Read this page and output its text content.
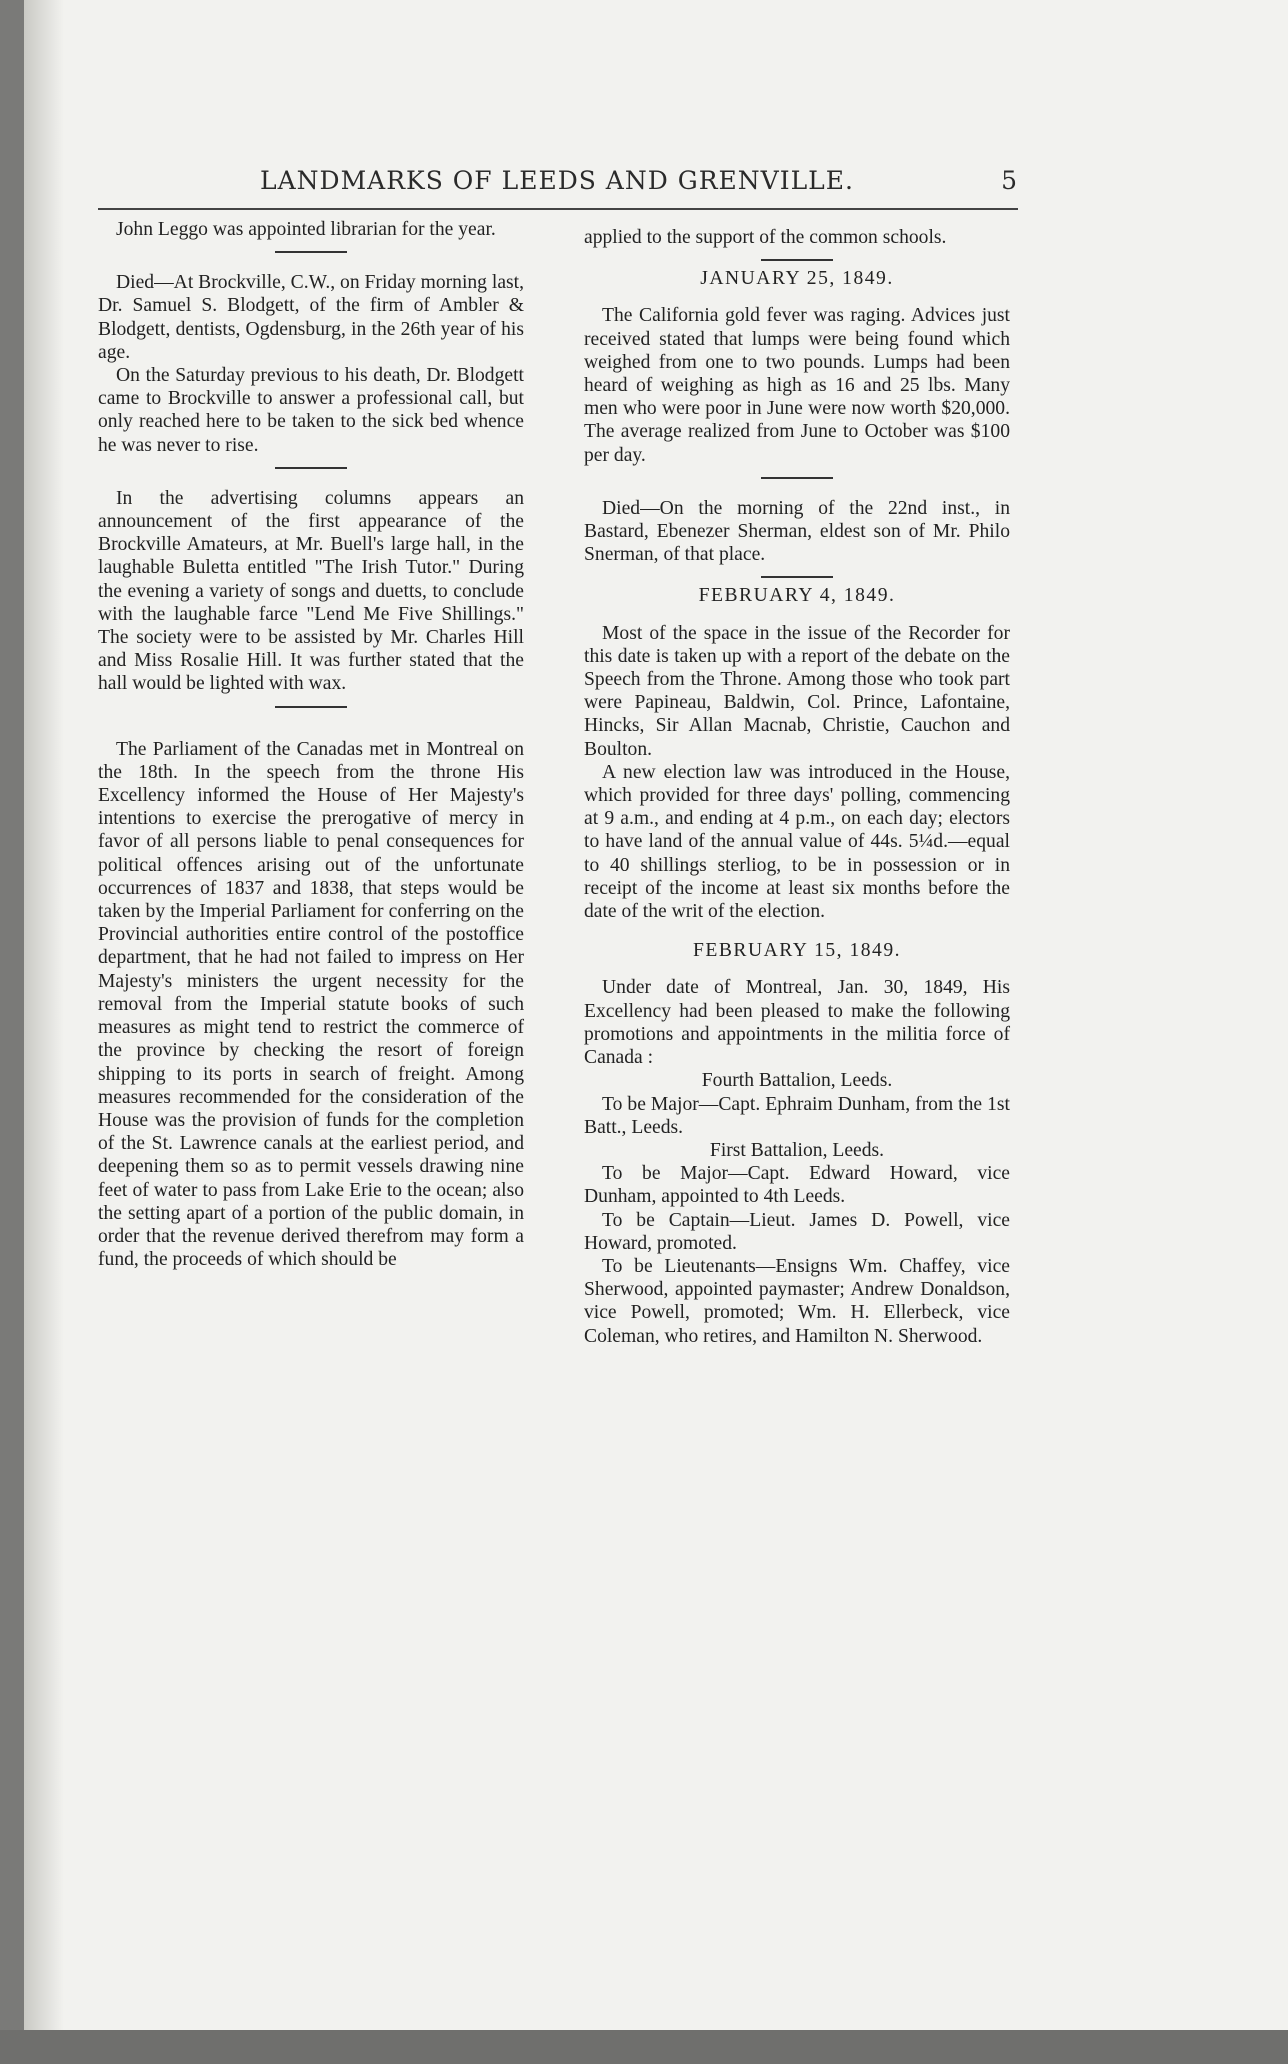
LANDMARKS OF LEEDS AND GRENVILLE.	5

John Leggo was appointed librarian for the year.

Died—At Brockville, C.W., on Friday morning last, Dr. Samuel S. Blodgett, of the firm of Ambler & Blodgett, dentists, Ogdensburg, in the 26th year of his age.

On the Saturday previous to his death, Dr. Blodgett came to Brockville to answer a professional call, but only reached here to be taken to the sick bed whence he was never to rise.

In the advertising columns appears an announcement of the first appearance of the Brockville Amateurs, at Mr. Buell's large hall, in the laughable Buletta entitled "The Irish Tutor." During the evening a variety of songs and duetts, to conclude with the laughable farce "Lend Me Five Shillings." The society were to be assisted by Mr. Charles Hill and Miss Rosalie Hill. It was further stated that the hall would be lighted with wax.

The Parliament of the Canadas met in Montreal on the 18th. In the speech from the throne His Excellency informed the House of Her Majesty's intentions to exercise the prerogative of mercy in favor of all persons liable to penal consequences for political offences arising out of the unfortunate occurrences of 1837 and 1838, that steps would be taken by the Imperial Parliament for conferring on the Provincial authorities entire control of the postoffice department, that he had not failed to impress on Her Majesty's ministers the urgent necessity for the removal from the Imperial statute books of such measures as might tend to restrict the commerce of the province by checking the resort of foreign shipping to its ports in search of freight. Among measures recommended for the consideration of the House was the provision of funds for the completion of the St. Lawrence canals at the earliest period, and deepening them so as to permit vessels drawing nine feet of water to pass from Lake Erie to the ocean; also the setting apart of a portion of the public domain, in order that the revenue derived therefrom may form a fund, the proceeds of which should be

applied to the support of the common schools.

JANUARY 25, 1849.

The California gold fever was raging. Advices just received stated that lumps were being found which weighed from one to two pounds. Lumps had been heard of weighing as high as 16 and 25 lbs. Many men who were poor in June were now worth $20,000. The average realized from June to October was $100 per day.

Died—On the morning of the 22nd inst., in Bastard, Ebenezer Sherman, eldest son of Mr. Philo Snerman, of that place.

FEBRUARY 4, 1849.

Most of the space in the issue of the Recorder for this date is taken up with a report of the debate on the Speech from the Throne. Among those who took part were Papineau, Baldwin, Col. Prince, Lafontaine, Hincks, Sir Allan Macnab, Christie, Cauchon and Boulton.

A new election law was introduced in the House, which provided for three days' polling, commencing at 9 a.m., and ending at 4 p.m., on each day; electors to have land of the annual value of 44s. 5¼d.—equal to 40 shillings sterliog, to be in possession or in receipt of the income at least six months before the date of the writ of the election.

FEBRUARY 15, 1849.

Under date of Montreal, Jan. 30, 1849, His Excellency had been pleased to make the following promotions and appointments in the militia force of Canada :

Fourth Battalion, Leeds.

To be Major—Capt. Ephraim Dunham, from the 1st Batt., Leeds.

First Battalion, Leeds.

To be Major—Capt. Edward Howard, vice Dunham, appointed to 4th Leeds.

To be Captain—Lieut. James D. Powell, vice Howard, promoted.

To be Lieutenants—Ensigns Wm. Chaffey, vice Sherwood, appointed paymaster; Andrew Donaldson, vice Powell, promoted; Wm. H. Ellerbeck, vice Coleman, who retires, and Hamilton N. Sherwood.
